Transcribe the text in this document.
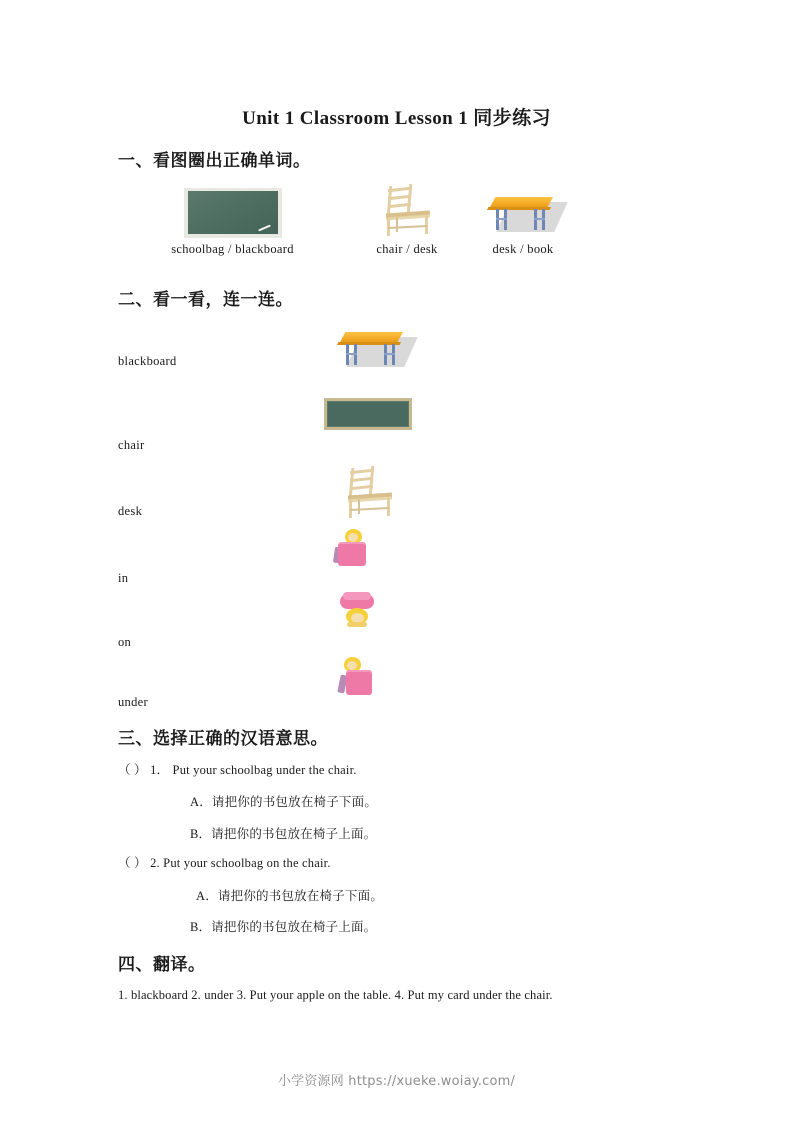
Unit 1 Classroom Lesson 1 同步练习
一、看图圈出正确单词。
schoolbag / blackboard	chair / desk	desk / book
二、看一看，连一连。
blackboard
chair
desk
in
on
under
三、选择正确的汉语意思。
（ ） 1． Put your schoolbag under the chair.
A．请把你的书包放在椅子下面。
B．请把你的书包放在椅子上面。
（ ） 2. Put your schoolbag on the chair.
A．请把你的书包放在椅子下面。
B．请把你的书包放在椅子上面。
四、翻译。
1. blackboard 2. under 3. Put your apple on the table. 4. Put my card under the chair.
小学资源网 https://xueke.woiay.com/
